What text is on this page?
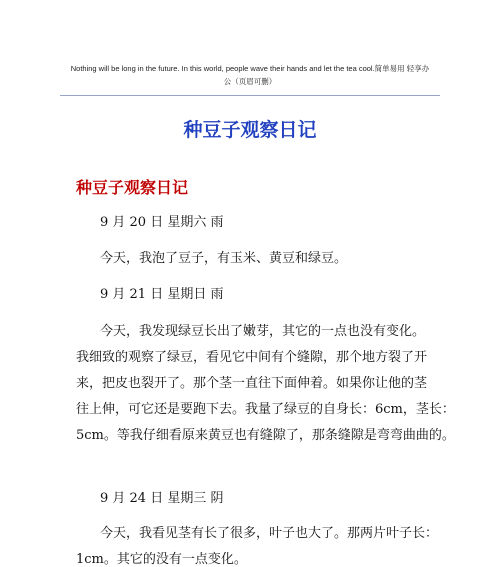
Nothing will be long in the future. In this world, people wave their hands and let the tea cool.简单易用 轻享办
公（页眉可删）
种豆子观察日记
种豆子观察日记
9 月 20 日 星期六 雨
今天，我泡了豆子，有玉米、黄豆和绿豆。
9 月 21 日 星期日 雨
今天，我发现绿豆长出了嫩芽，其它的一点也没有变化。
我细致的观察了绿豆，看见它中间有个缝隙，那个地方裂了开
来，把皮也裂开了。那个茎一直往下面伸着。如果你让他的茎
往上伸，可它还是要跑下去。我量了绿豆的自身长：6cm，茎长：
5cm。等我仔细看原来黄豆也有缝隙了，那条缝隙是弯弯曲曲的。
9 月 24 日 星期三 阴
今天，我看见茎有长了很多，叶子也大了。那两片叶子长：
1cm。其它的没有一点变化。
